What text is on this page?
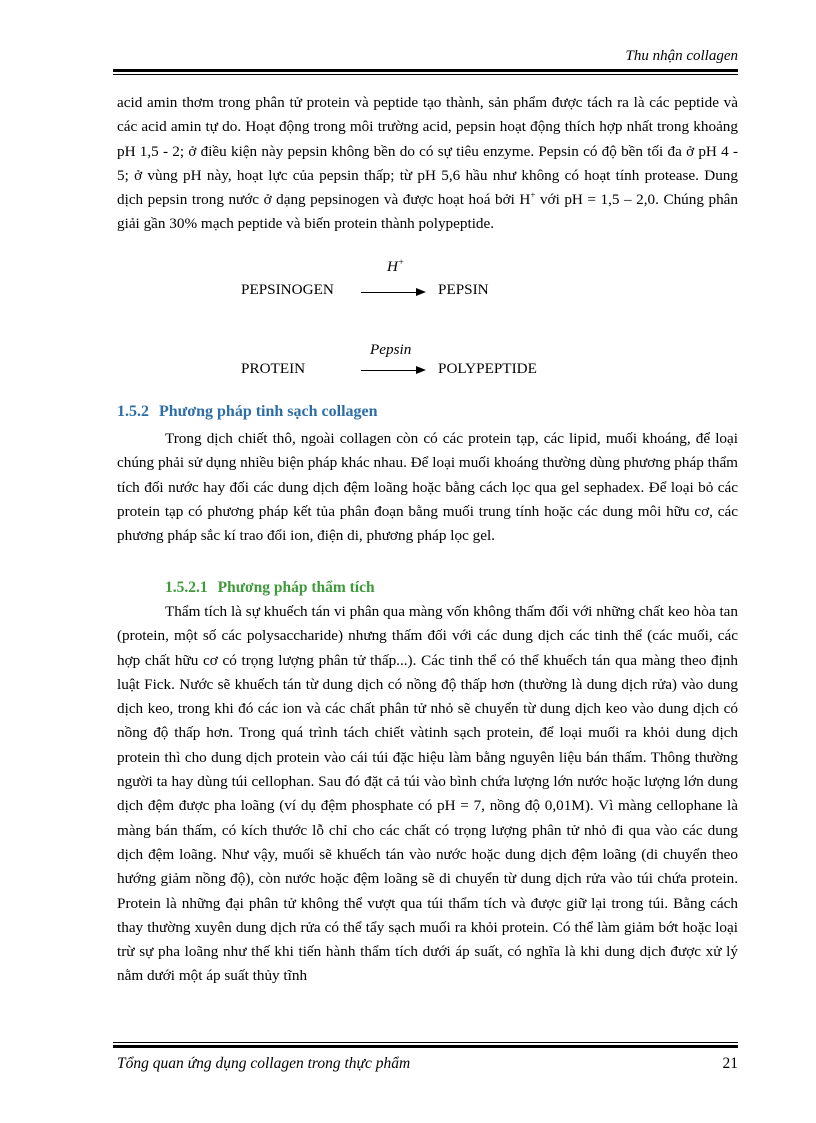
Thu nhận collagen

acid amin thơm trong phân tử protein và peptide tạo thành, sản phẩm được tách ra là các peptide và các acid amin tự do. Hoạt động trong môi trường acid, pepsin hoạt động thích hợp nhất trong khoảng pH 1,5 - 2; ở điều kiện này pepsin không bền do có sự tiêu enzyme. Pepsin có độ bền tối đa ở pH 4 - 5; ở vùng pH này, hoạt lực của pepsin thấp; từ pH 5,6 hầu như không có hoạt tính protease. Dung dịch pepsin trong nước ở dạng pepsinogen và được hoạt hoá bởi H+ với pH = 1,5 – 2,0. Chúng phân giải gần 30% mạch peptide và biến protein thành polypeptide.

H+
PEPSINOGEN	PEPSIN
Pepsin
PROTEIN	POLYPEPTIDE
1.5.2 Phương pháp tinh sạch collagen

Trong dịch chiết thô, ngoài collagen còn có các protein tạp, các lipid, muối khoáng, để loại chúng phải sử dụng nhiều biện pháp khác nhau. Để loại muối khoáng thường dùng phương pháp thẩm tích đối nước hay đối các dung dịch đệm loãng hoặc bằng cách lọc qua gel sephadex. Để loại bỏ các protein tạp có phương pháp kết tủa phân đoạn bằng muối trung tính hoặc các dung môi hữu cơ, các phương pháp sắc kí trao đổi ion, điện di, phương pháp lọc gel.

1.5.2.1 Phương pháp thẩm tích

Thẩm tích là sự khuếch tán vi phân qua màng vốn không thấm đối với những chất keo hòa tan (protein, một số các polysaccharide) nhưng thấm đối với các dung dịch các tinh thể (các muối, các hợp chất hữu cơ có trọng lượng phân tử thấp...). Các tinh thể có thể khuếch tán qua màng theo định luật Fick. Nước sẽ khuếch tán từ dung dịch có nồng độ thấp hơn (thường là dung dịch rửa) vào dung dịch keo, trong khi đó các ion và các chất phân tử nhỏ sẽ chuyển từ dung dịch keo vào dung dịch có nồng độ thấp hơn. Trong quá trình tách chiết vàtinh sạch protein, để loại muối ra khỏi dung dịch protein thì cho dung dịch protein vào cái túi đặc hiệu làm bằng nguyên liệu bán thấm. Thông thường người ta hay dùng túi cellophan. Sau đó đặt cả túi vào bình chứa lượng lớn nước hoặc lượng lớn dung dịch đệm được pha loãng (ví dụ đệm phosphate có pH = 7, nồng độ 0,01M). Vì màng cellophane là màng bán thấm, có kích thước lỗ chỉ cho các chất có trọng lượng phân tử nhỏ đi qua vào các dung dịch đệm loãng. Như vậy, muối sẽ khuếch tán vào nước hoặc dung dịch đệm loãng (di chuyển theo hướng giảm nồng độ), còn nước hoặc đệm loãng sẽ di chuyển từ dung dịch rửa vào túi chứa protein. Protein là những đại phân tử không thể vượt qua túi thẩm tích và được giữ lại trong túi. Bằng cách thay thường xuyên dung dịch rửa có thể tẩy sạch muối ra khỏi protein. Có thể làm giảm bớt hoặc loại trừ sự pha loãng như thế khi tiến hành thẩm tích dưới áp suất, có nghĩa là khi dung dịch được xử lý nằm dưới một áp suất thủy tĩnh

Tổng quan ứng dụng collagen trong thực phẩm	21
